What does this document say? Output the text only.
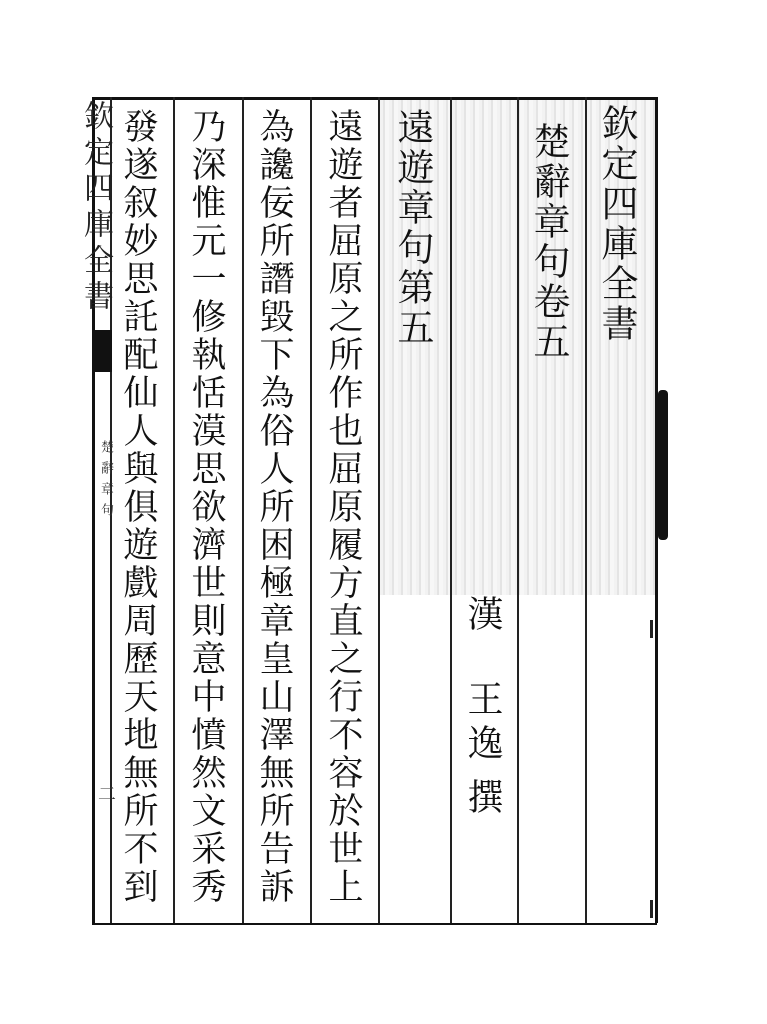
欽定四庫全書
楚辭章句卷五
漢
王逸
撰
遠遊章句第五
遠遊者屈原之所作也屈原履方直之行不容於世上
為讒佞所譖毀下為俗人所困極章皇山澤無所告訴
乃深惟元一修執恬漠思欲濟世則意中憤然文采秀
發遂叙妙思託配仙人與俱遊戲周歷天地無所不到
欽定四庫全書
楚辭章句
二
